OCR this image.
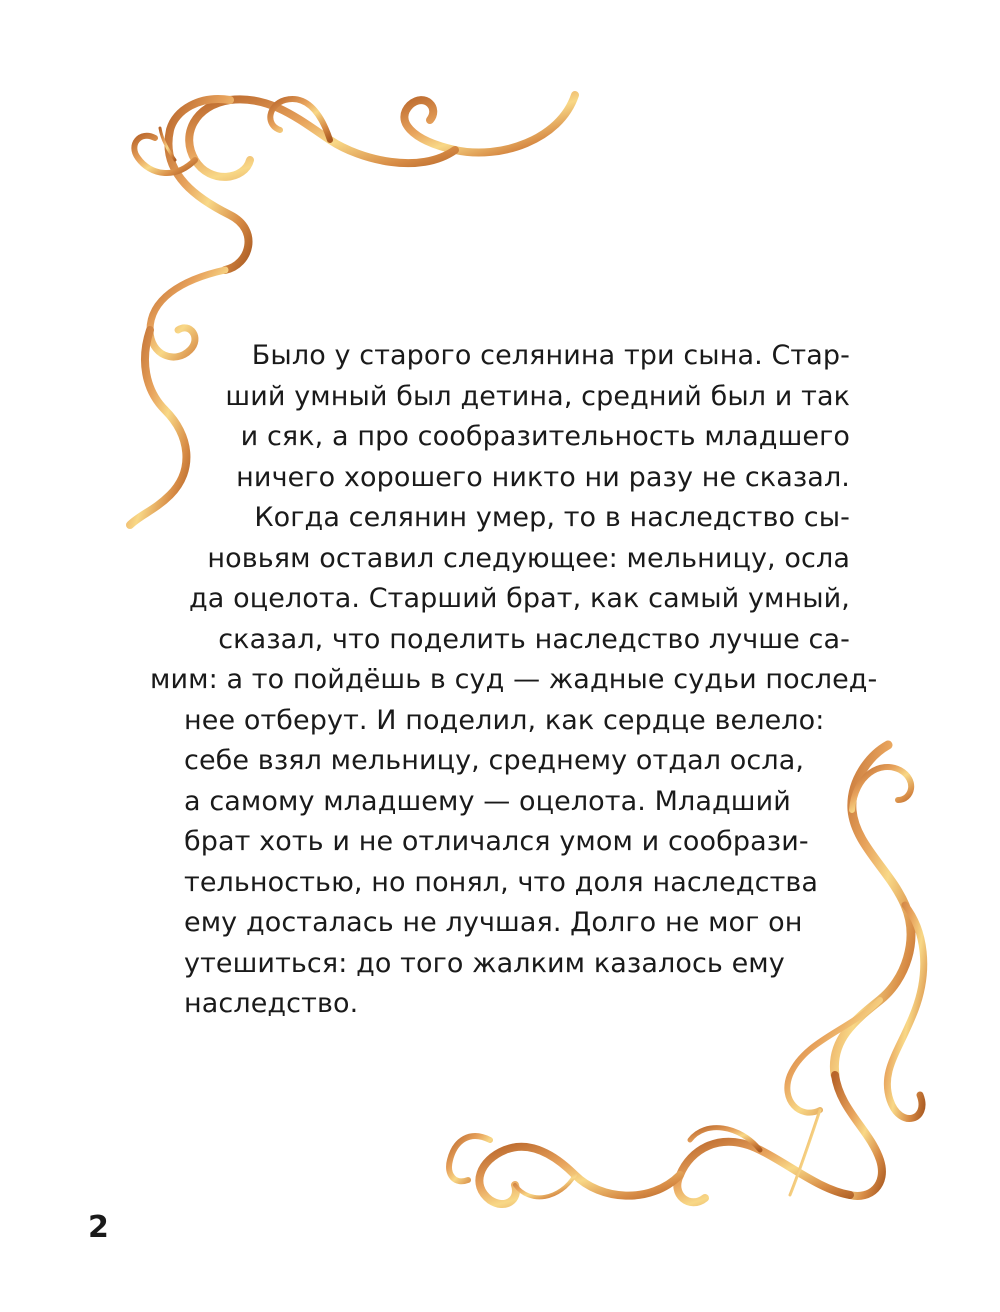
Было у старого селянина три сына. Стар-
ший умный был детина, средний был и так
и сяк, а про сообразительность младшего
ничего хорошего никто ни разу не сказал.
Когда селянин умер, то в наследство сы-
новьям оставил следующее: мельницу, осла
да оцелота. Старший брат, как самый умный,
сказал, что поделить наследство лучше са-
мим: а то пойдёшь в суд — жадные судьи послед-
нее отберут. И поделил, как сердце велело:
себе взял мельницу, среднему отдал осла,
а самому младшему — оцелота. Младший
брат хоть и не отличался умом и сообрази-
тельностью, но понял, что доля наследства
ему досталась не лучшая. Долго не мог он
утешиться: до того жалким казалось ему
наследство.
2
